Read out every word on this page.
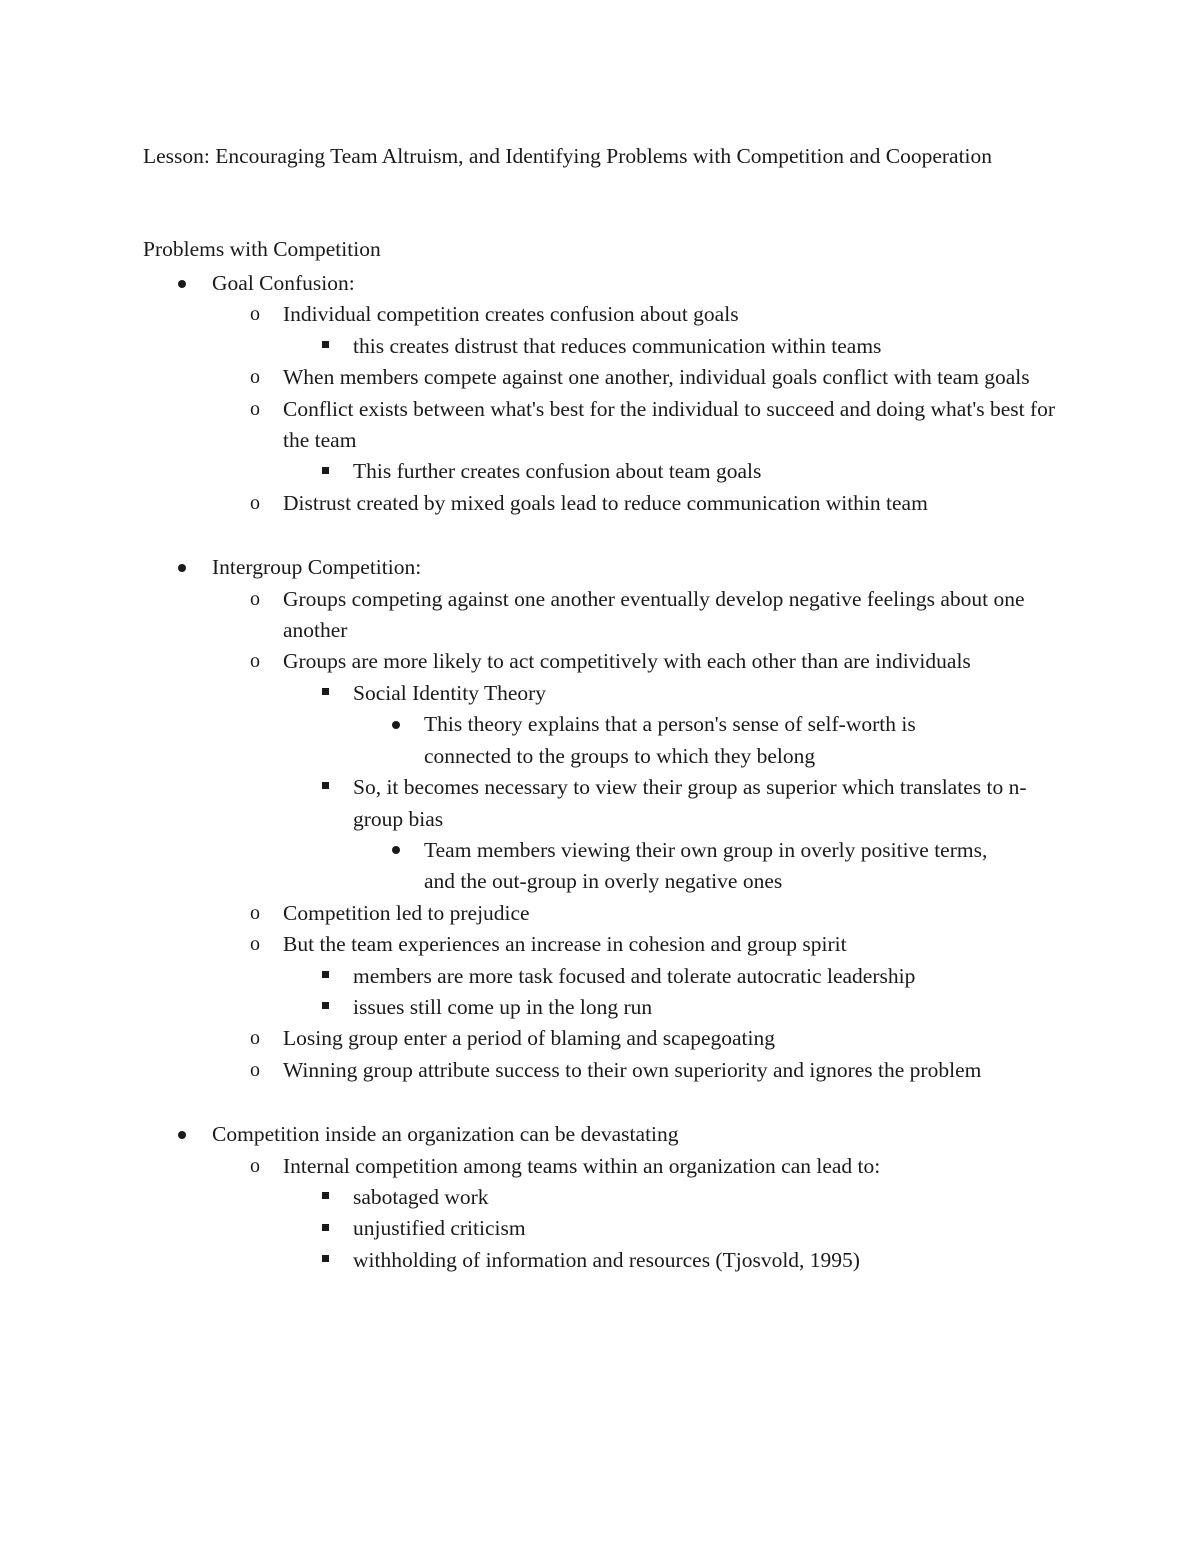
Lesson: Encouraging Team Altruism, and Identifying Problems with Competition and Cooperation
Problems with Competition
Goal Confusion:
o	Individual competition creates confusion about goals
this creates distrust that reduces communication within teams
o	When members compete against one another, individual goals conflict with team goals
o	Conflict exists between what's best for the individual to succeed and doing what's best for the team
This further creates confusion about team goals
o	Distrust created by mixed goals lead to reduce communication within team
Intergroup Competition:
o	Groups competing against one another eventually develop negative feelings about one another
o	Groups are more likely to act competitively with each other than are individuals
Social Identity Theory
This theory explains that a person's sense of self-worth is connected to the groups to which they belong
So, it becomes necessary to view their group as superior which translates to n-group bias
Team members viewing their own group in overly positive terms, and the out-group in overly negative ones
o	Competition led to prejudice
o	But the team experiences an increase in cohesion and group spirit
members are more task focused and tolerate autocratic leadership
issues still come up in the long run
o	Losing group enter a period of blaming and scapegoating
o	Winning group attribute success to their own superiority and ignores the problem
Competition inside an organization can be devastating
o	Internal competition among teams within an organization can lead to:
sabotaged work
unjustified criticism
withholding of information and resources (Tjosvold, 1995)
